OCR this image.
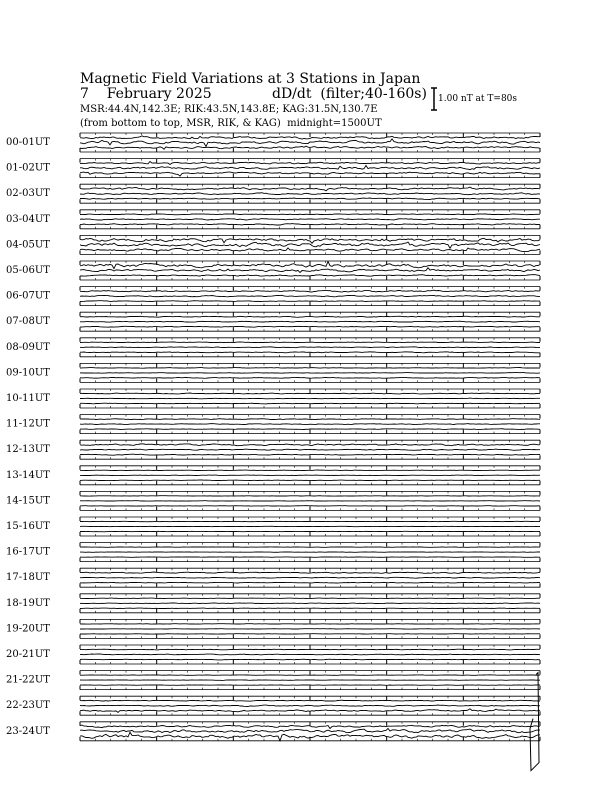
Magnetic Field Variations at 3 Stations in Japan
7 February 2025	dD/dt (filter;40-160s)
MSR:44.4N,142.3E; RIK:43.5N,143.8E; KAG:31.5N,130.7E
(from bottom to top, MSR, RIK, & KAG) midnight=1500UT
1.00 nT at T=80s
00-01UT
01-02UT
02-03UT
03-04UT
04-05UT
05-06UT
06-07UT
07-08UT
08-09UT
09-10UT
10-11UT
11-12UT
12-13UT
13-14UT
14-15UT
15-16UT
16-17UT
17-18UT
18-19UT
19-20UT
20-21UT
21-22UT
22-23UT
23-24UT
